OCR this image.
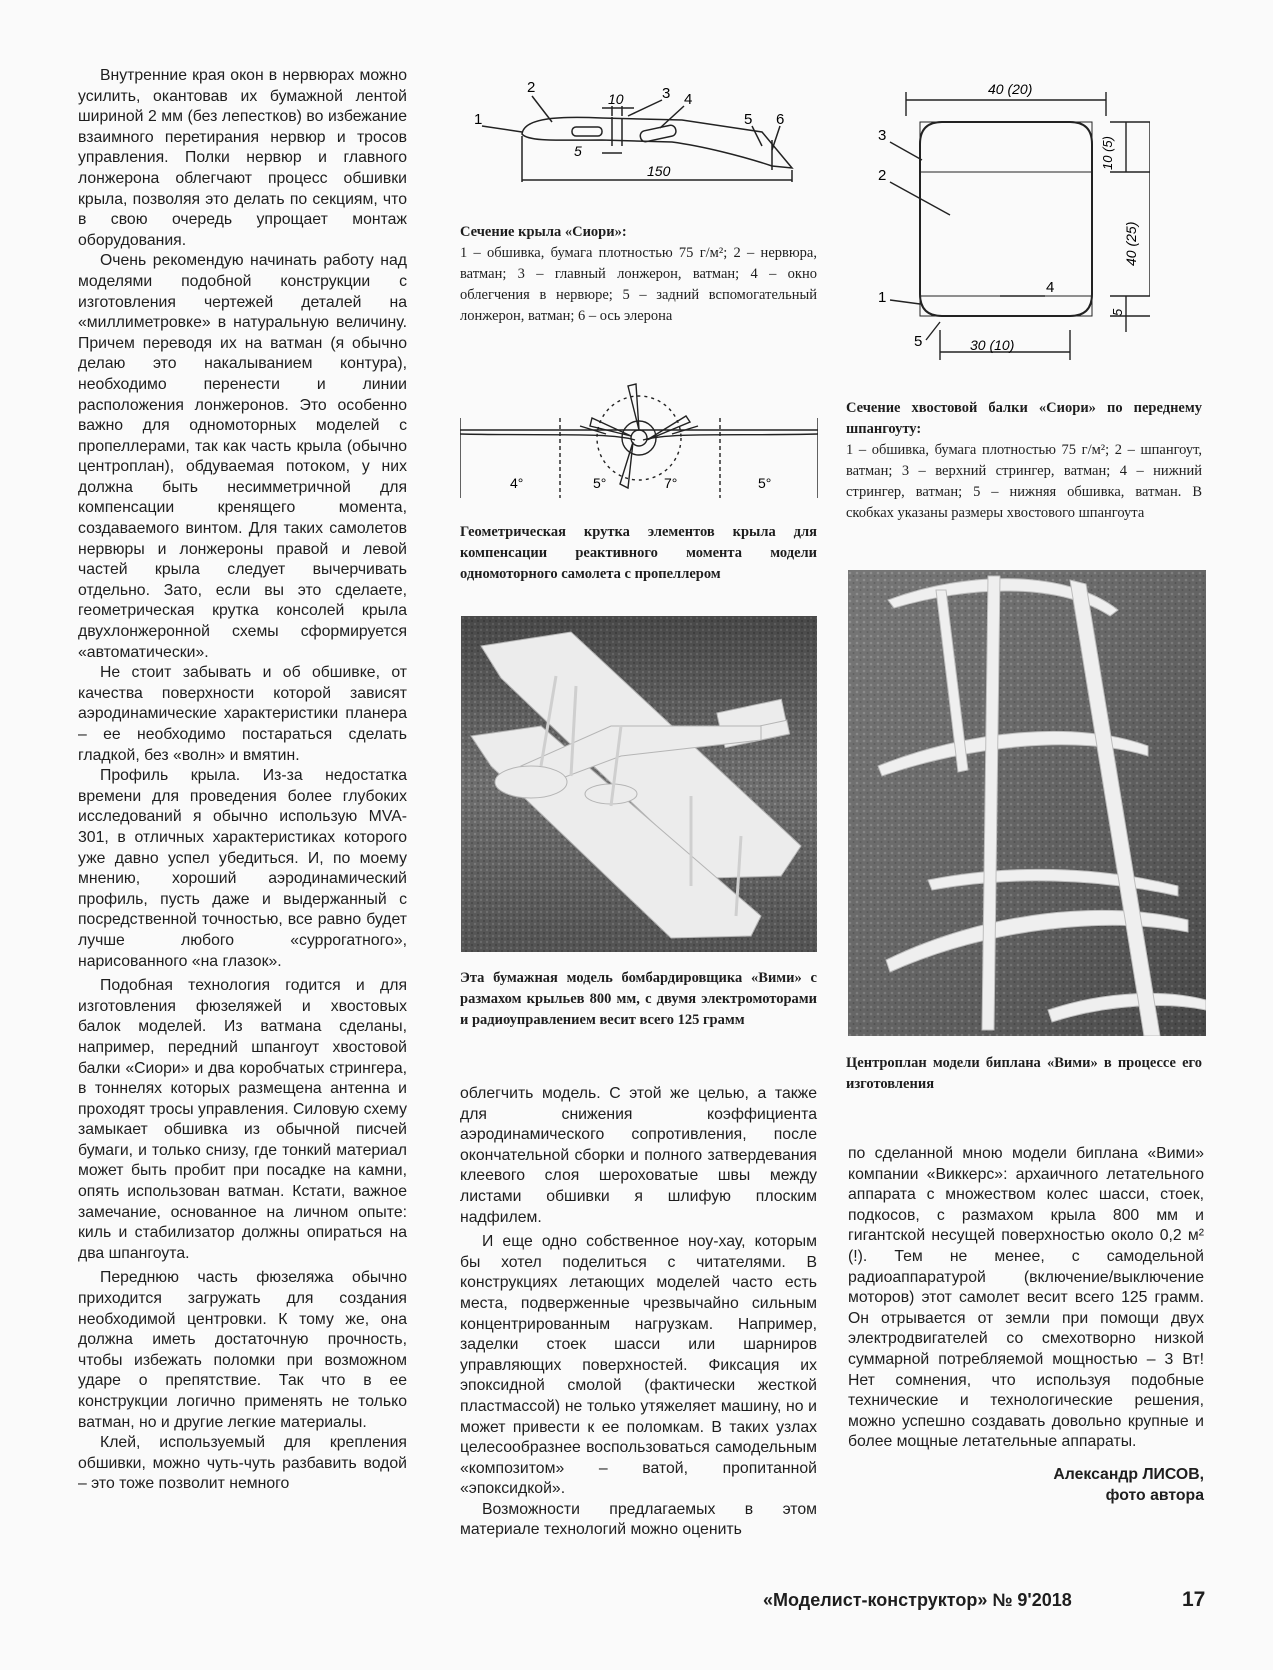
Внутренние края окон в нервюрах можно усилить, окантовав их бумажной лентой шириной 2 мм (без лепестков) во избежание взаимного перетирания нервюр и тросов управления. Полки нервюр и главного лонжерона облегчают процесс обшивки крыла, позволяя это делать по секциям, что в свою очередь упрощает монтаж оборудования.

Очень рекомендую начинать работу над моделями подобной конструкции с изготовления чертежей деталей на «миллиметровке» в натуральную величину. Причем переводя их на ватман (я обычно делаю это накалыванием контура), необходимо перенести и линии расположения лонжеронов. Это особенно важно для одномоторных моделей с пропеллерами, так как часть крыла (обычно центроплан), обдуваемая потоком, у них должна быть несимметричной для компенсации кренящего момента, создаваемого винтом. Для таких самолетов нервюры и лонжероны правой и левой частей крыла следует вычерчивать отдельно. Зато, если вы это сделаете, геометрическая крутка консолей крыла двухлонжеронной схемы сформируется «автоматически».

Не стоит забывать и об обшивке, от качества поверхности которой зависят аэродинамические характеристики планера – ее необходимо постараться сделать гладкой, без «волн» и вмятин.

Профиль крыла. Из-за недостатка времени для проведения более глубоких исследований я обычно использую MVA-301, в отличных характеристиках которого уже давно успел убедиться. И, по моему мнению, хороший аэродинамический профиль, пусть даже и выдержанный с посредственной точностью, все равно будет лучше любого «суррогатного», нарисованного «на глазок».

Подобная технология годится и для изготовления фюзеляжей и хвостовых балок моделей. Из ватмана сделаны, например, передний шпангоут хвостовой балки «Сиори» и два коробчатых стрингера, в тоннелях которых размещена антенна и проходят тросы управления. Силовую схему замыкает обшивка из обычной писчей бумаги, и только снизу, где тонкий материал может быть пробит при посадке на камни, опять использован ватман. Кстати, важное замечание, основанное на личном опыте: киль и стабилизатор должны опираться на два шпангоута.

Переднюю часть фюзеляжа обычно приходится загружать для создания необходимой центровки. К тому же, она должна иметь достаточную прочность, чтобы избежать поломки при возможном ударе о препятствие. Так что в ее конструкции логично применять не только ватман, но и другие легкие материалы.

Клей, используемый для крепления обшивки, можно чуть-чуть разбавить водой – это тоже позволит немного

1
2	3 4
5 6
10
5
150

Сечение крыла «Сиори»:

1 – обшивка, бумага плотностью 75 г/м²; 2 – нервюра, ватман; 3 – главный лонжерон, ватман; 4 – окно облегчения в нервюре; 5 – задний вспомогательный лонжерон, ватман; 6 – ось элерона

4°	5°	7°	5°

Геометрическая крутка элементов крыла для компенсации реактивного момента модели одномоторного самолета с пропеллером

Эта бумажная модель бомбардировщика «Вими» с размахом крыльев 800 мм, с двумя электромоторами и радиоуправлением весит всего 125 грамм

облегчить модель. С этой же целью, а также для снижения коэффициента аэродинамического сопротивления, после окончательной сборки и полного затвердевания клеевого слоя шероховатые швы между листами обшивки я шлифую плоским надфилем.

И еще одно собственное ноу-хау, которым бы хотел поделиться с читателями. В конструкциях летающих моделей часто есть места, подверженные чрезвычайно сильным концентрированным нагрузкам. Например, заделки стоек шасси или шарниров управляющих поверхностей. Фиксация их эпоксидной смолой (фактически жесткой пластмассой) не только утяжеляет машину, но и может привести к ее поломкам. В таких узлах целесообразнее воспользоваться самодельным «композитом» – ватой, пропитанной «эпоксидкой».

Возможности предлагаемых в этом материале технологий можно оценить

40 (20)
40 (25)
10 (5)
5
30 (10)
1
2
3
4
5

Сечение хвостовой балки «Сиори» по переднему шпангоуту:

1 – обшивка, бумага плотностью 75 г/м²; 2 – шпангоут, ватман; 3 – верхний стрингер, ватман; 4 – нижний стрингер, ватман; 5 – нижняя обшивка, ватман. В скобках указаны размеры хвостового шпангоута

Центроплан модели биплана «Вими» в процессе его изготовления

по сделанной мною модели биплана «Вими» компании «Виккерс»: архаичного летательного аппарата с множеством колес шасси, стоек, подкосов, с размахом крыла 800 мм и гигантской несущей поверхностью около 0,2 м² (!). Тем не менее, с самодельной радиоаппаратурой (включение/выключение моторов) этот самолет весит всего 125 грамм. Он отрывается от земли при помощи двух электродвигателей со смехотворно низкой суммарной потребляемой мощностью – 3 Вт! Нет сомнения, что используя подобные технические и технологические решения, можно успешно создавать довольно крупные и более мощные летательные аппараты.

Александр ЛИСОВ,

фото автора

«Моделист-конструктор» № 9'2018	17
